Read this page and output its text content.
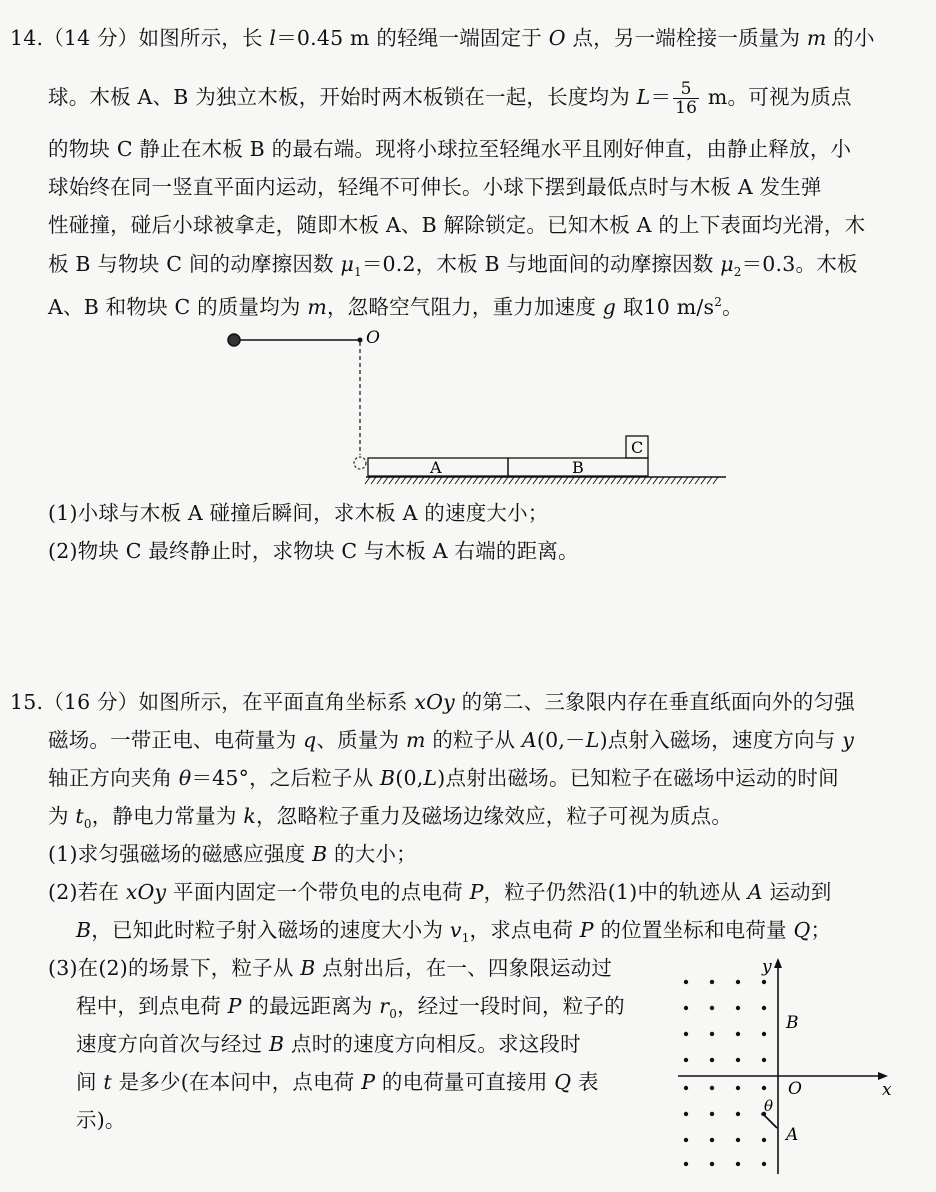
14.（14 分）如图所示，长 l＝0.45 m 的轻绳一端固定于 O 点，另一端栓接一质量为 m 的小
球。木板 A、B 为独立木板，开始时两木板锁在一起，长度均为 $L= \frac{5}{16}$ m。可视为质点
的物块 C 静止在木板 B 的最右端。现将小球拉至轻绳水平且刚好伸直，由静止释放，小
球始终在同一竖直平面内运动，轻绳不可伸长。小球下摆到最低点时与木板 A 发生弹
性碰撞，碰后小球被拿走，随即木板 A、B 解除锁定。已知木板 A 的上下表面均光滑，木
板 B 与物块 C 间的动摩擦因数 $\mu_1=0.2$，木板 B 与地面间的动摩擦因数 $\mu_2=0.3$。木板
A、B 和物块 C 的质量均为 m，忽略空气阻力，重力加速度 g 取10 $m/s^2$。
O
A	B
C
(1)小球与木板 A 碰撞后瞬间，求木板 A 的速度大小；
(2)物块 C 最终静止时，求物块 C 与木板 A 右端的距离。
15.（16 分）如图所示，在平面直角坐标系 xOy 的第二、三象限内存在垂直纸面向外的匀强
磁场。一带正电、电荷量为 q、质量为 m 的粒子从 A(0,－L)点射入磁场，速度方向与 y
轴正方向夹角 θ＝45°，之后粒子从 B(0,L)点射出磁场。已知粒子在磁场中运动的时间
为 $t_0$，静电力常量为 k，忽略粒子重力及磁场边缘效应，粒子可视为质点。
(1)求匀强磁场的磁感应强度 B 的大小；
(2)若在 xOy 平面内固定一个带负电的点电荷 P，粒子仍然沿(1)中的轨迹从 A 运动到
B，已知此时粒子射入磁场的速度大小为 $v_1$，求点电荷 P 的位置坐标和电荷量 Q；
(3)在(2)的场景下，粒子从 B 点射出后，在一、四象限运动过
程中，到点电荷 P 的最远距离为 $r_0$，经过一段时间，粒子的
速度方向首次与经过 B 点时的速度方向相反。求这段时
间 t 是多少(在本问中，点电荷 P 的电荷量可直接用 Q 表
示)。
y
x
O
B
θ
A
